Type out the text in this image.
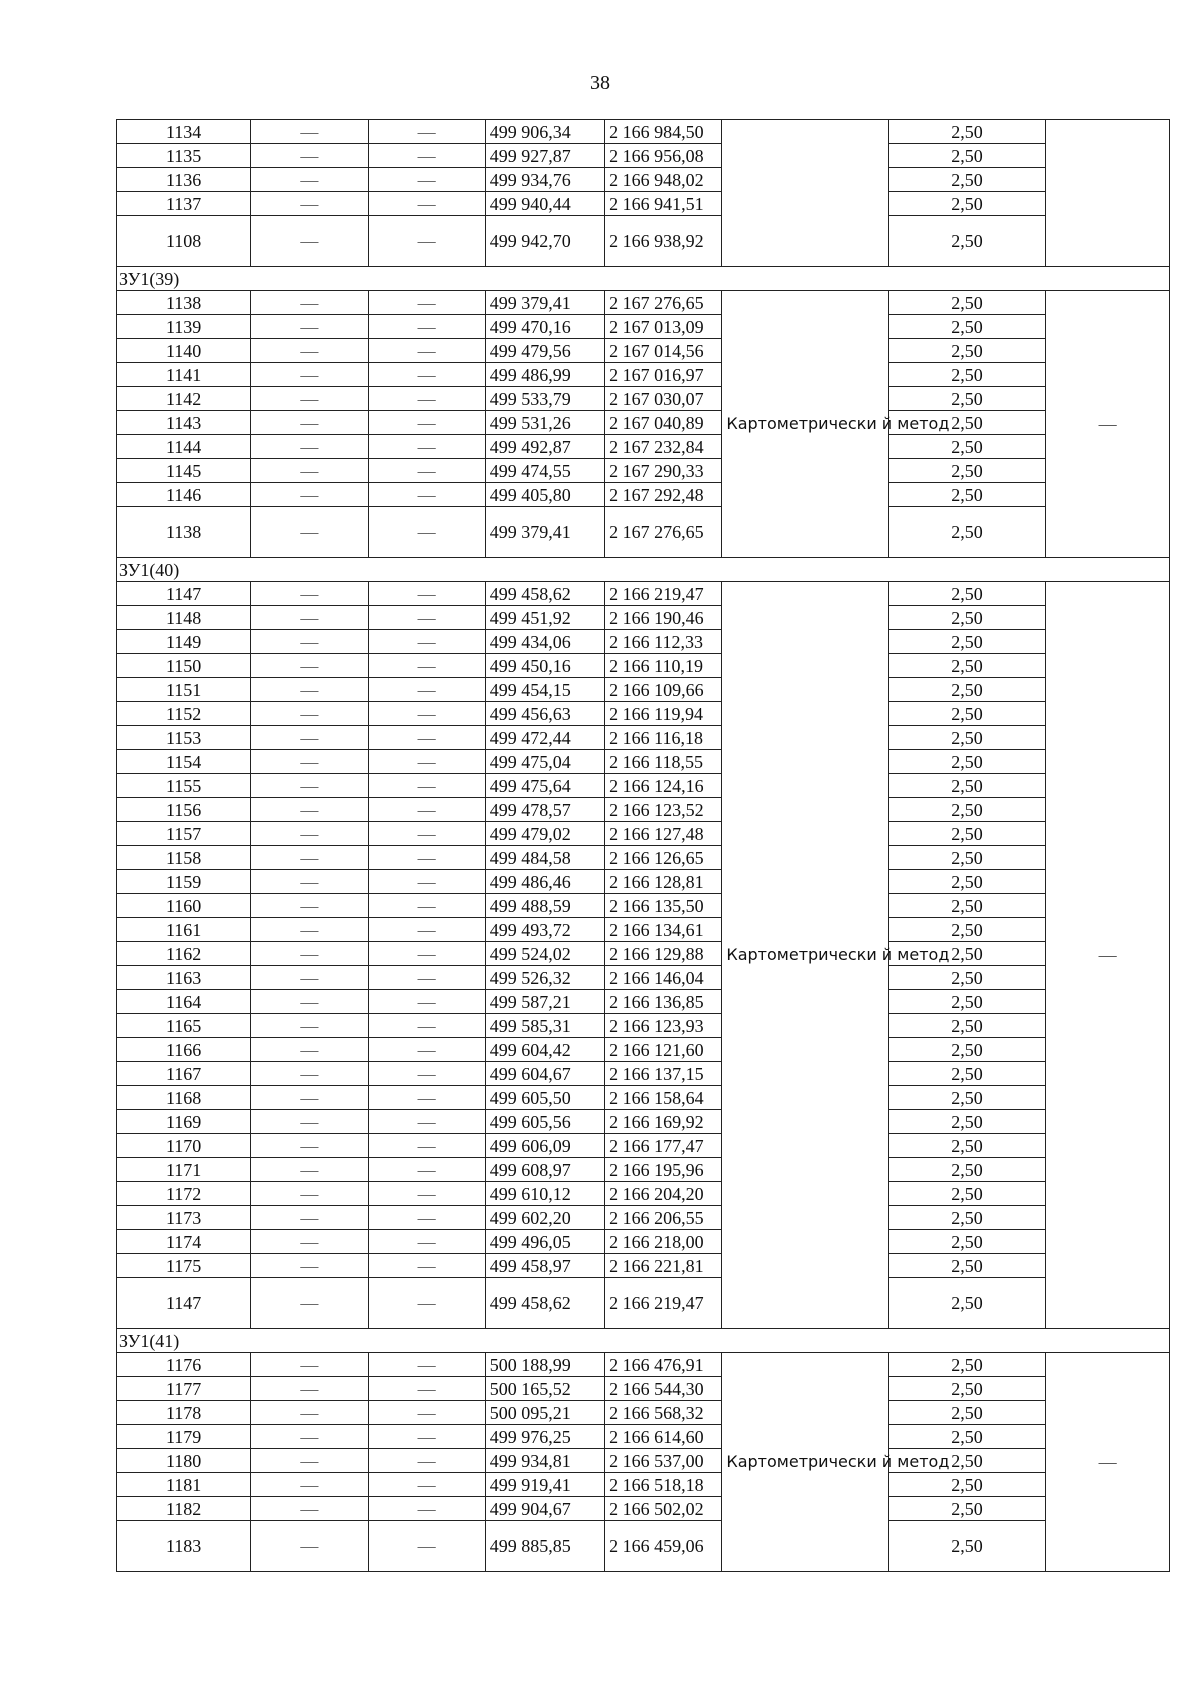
38
1134	—	—	499 906,34	2 166 984,50		2,50	
1135	—	—	499 927,87	2 166 956,08		2,50	
1136	—	—	499 934,76	2 166 948,02		2,50	
1137	—	—	499 940,44	2 166 941,51		2,50	
1108	—	—	499 942,70	2 166 938,92		2,50	
ЗУ1(39)							
1138	—	—	499 379,41	2 167 276,65	Картометрически й метод	2,50	—
1139	—	—	499 470,16	2 167 013,09		2,50	
1140	—	—	499 479,56	2 167 014,56		2,50	
1141	—	—	499 486,99	2 167 016,97		2,50	
1142	—	—	499 533,79	2 167 030,07		2,50	
1143	—	—	499 531,26	2 167 040,89		2,50	
1144	—	—	499 492,87	2 167 232,84		2,50	
1145	—	—	499 474,55	2 167 290,33		2,50	
1146	—	—	499 405,80	2 167 292,48		2,50	
1138	—	—	499 379,41	2 167 276,65		2,50	
ЗУ1(40)							
1147	—	—	499 458,62	2 166 219,47	Картометрически й метод	2,50	—
1148	—	—	499 451,92	2 166 190,46		2,50	
1149	—	—	499 434,06	2 166 112,33		2,50	
1150	—	—	499 450,16	2 166 110,19		2,50	
1151	—	—	499 454,15	2 166 109,66		2,50	
1152	—	—	499 456,63	2 166 119,94		2,50	
1153	—	—	499 472,44	2 166 116,18		2,50	
1154	—	—	499 475,04	2 166 118,55		2,50	
1155	—	—	499 475,64	2 166 124,16		2,50	
1156	—	—	499 478,57	2 166 123,52		2,50	
1157	—	—	499 479,02	2 166 127,48		2,50	
1158	—	—	499 484,58	2 166 126,65		2,50	
1159	—	—	499 486,46	2 166 128,81		2,50	
1160	—	—	499 488,59	2 166 135,50		2,50	
1161	—	—	499 493,72	2 166 134,61		2,50	
1162	—	—	499 524,02	2 166 129,88		2,50	
1163	—	—	499 526,32	2 166 146,04		2,50	
1164	—	—	499 587,21	2 166 136,85		2,50	
1165	—	—	499 585,31	2 166 123,93		2,50	
1166	—	—	499 604,42	2 166 121,60		2,50	
1167	—	—	499 604,67	2 166 137,15		2,50	
1168	—	—	499 605,50	2 166 158,64		2,50	
1169	—	—	499 605,56	2 166 169,92		2,50	
1170	—	—	499 606,09	2 166 177,47		2,50	
1171	—	—	499 608,97	2 166 195,96		2,50	
1172	—	—	499 610,12	2 166 204,20		2,50	
1173	—	—	499 602,20	2 166 206,55		2,50	
1174	—	—	499 496,05	2 166 218,00		2,50	
1175	—	—	499 458,97	2 166 221,81		2,50	
1147	—	—	499 458,62	2 166 219,47		2,50	
ЗУ1(41)							
1176	—	—	500 188,99	2 166 476,91	Картометрически й метод	2,50	—
1177	—	—	500 165,52	2 166 544,30		2,50	
1178	—	—	500 095,21	2 166 568,32		2,50	
1179	—	—	499 976,25	2 166 614,60		2,50	
1180	—	—	499 934,81	2 166 537,00		2,50	
1181	—	—	499 919,41	2 166 518,18		2,50	
1182	—	—	499 904,67	2 166 502,02		2,50	
1183	—	—	499 885,85	2 166 459,06		2,50	
